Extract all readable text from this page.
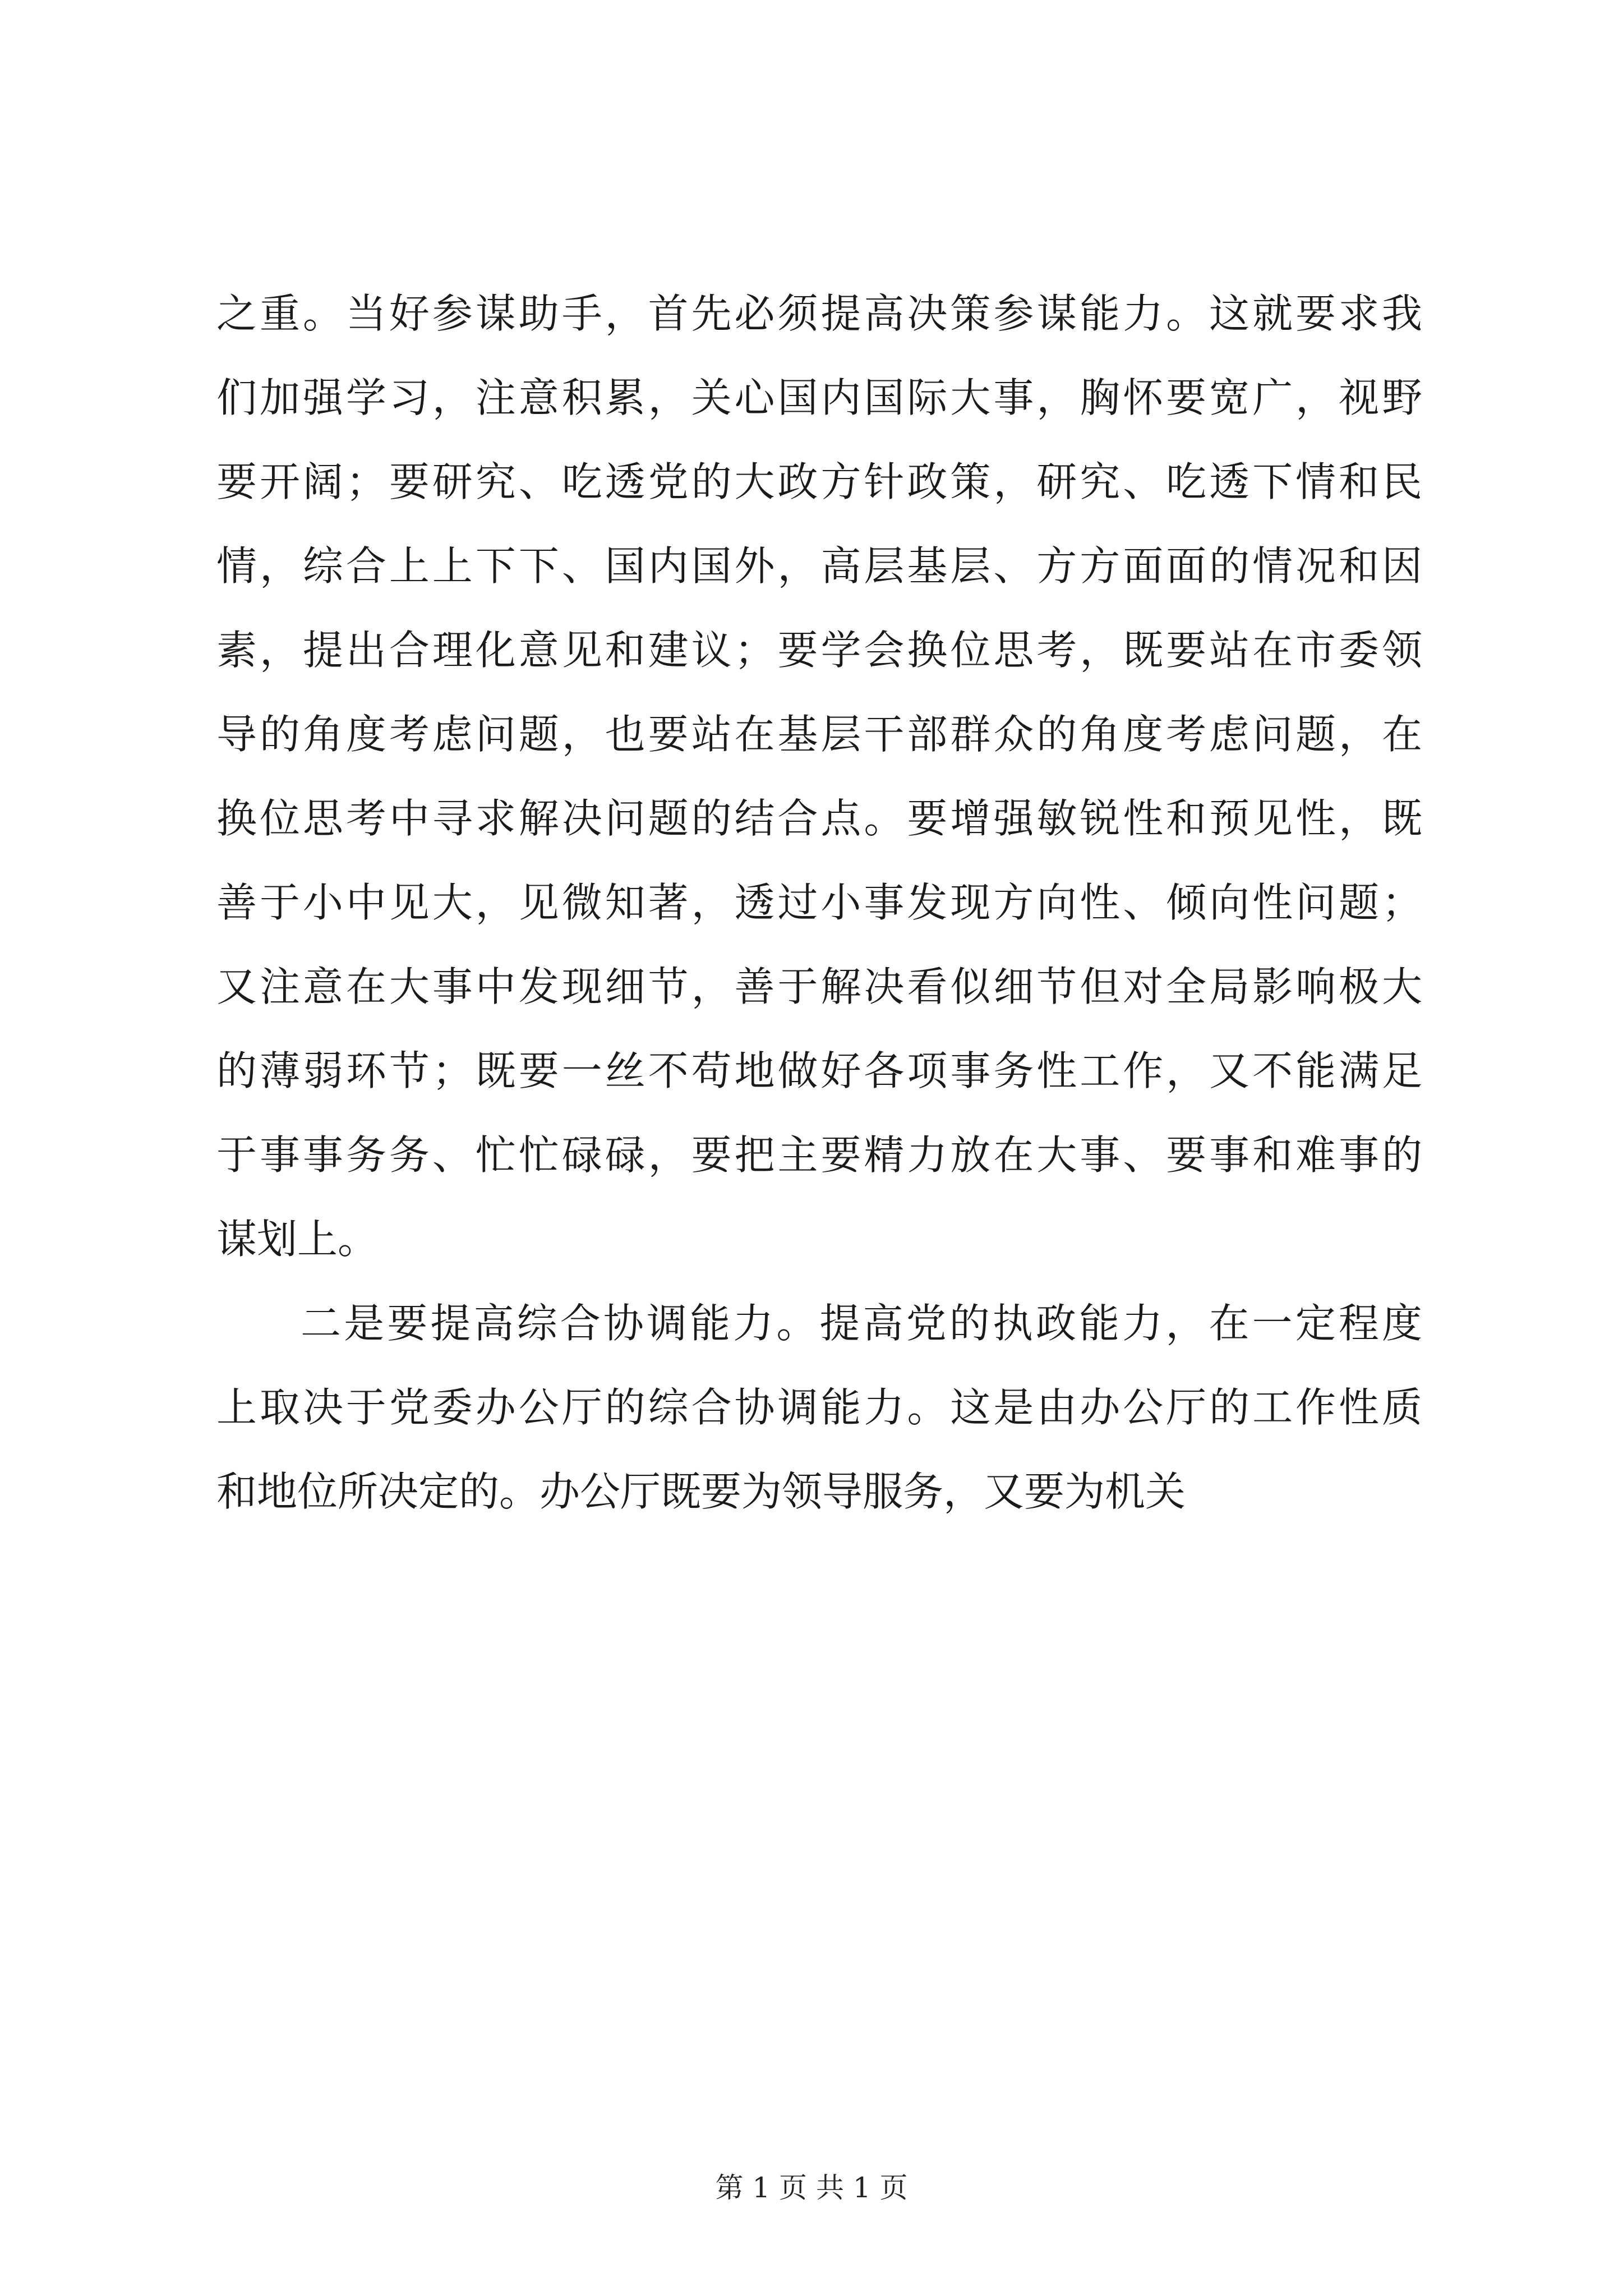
之重。当好参谋助手，首先必须提高决策参谋能力。这就要求我
们加强学习，注意积累，关心国内国际大事，胸怀要宽广，视野
要开阔；要研究、吃透党的大政方针政策，研究、吃透下情和民
情，综合上上下下、国内国外，高层基层、方方面面的情况和因
素，提出合理化意见和建议；要学会换位思考，既要站在市委领
导的角度考虑问题，也要站在基层干部群众的角度考虑问题，在
换位思考中寻求解决问题的结合点。要增强敏锐性和预见性，既
善于小中见大，见微知著，透过小事发现方向性、倾向性问题；
又注意在大事中发现细节，善于解决看似细节但对全局影响极大
的薄弱环节；既要一丝不苟地做好各项事务性工作，又不能满足
于事事务务、忙忙碌碌，要把主要精力放在大事、要事和难事的
谋划上。
二是要提高综合协调能力。提高党的执政能力，在一定程度
上取决于党委办公厅的综合协调能力。这是由办公厅的工作性质
和地位所决定的。办公厅既要为领导服务，又要为机关
第 1 页 共 1 页
